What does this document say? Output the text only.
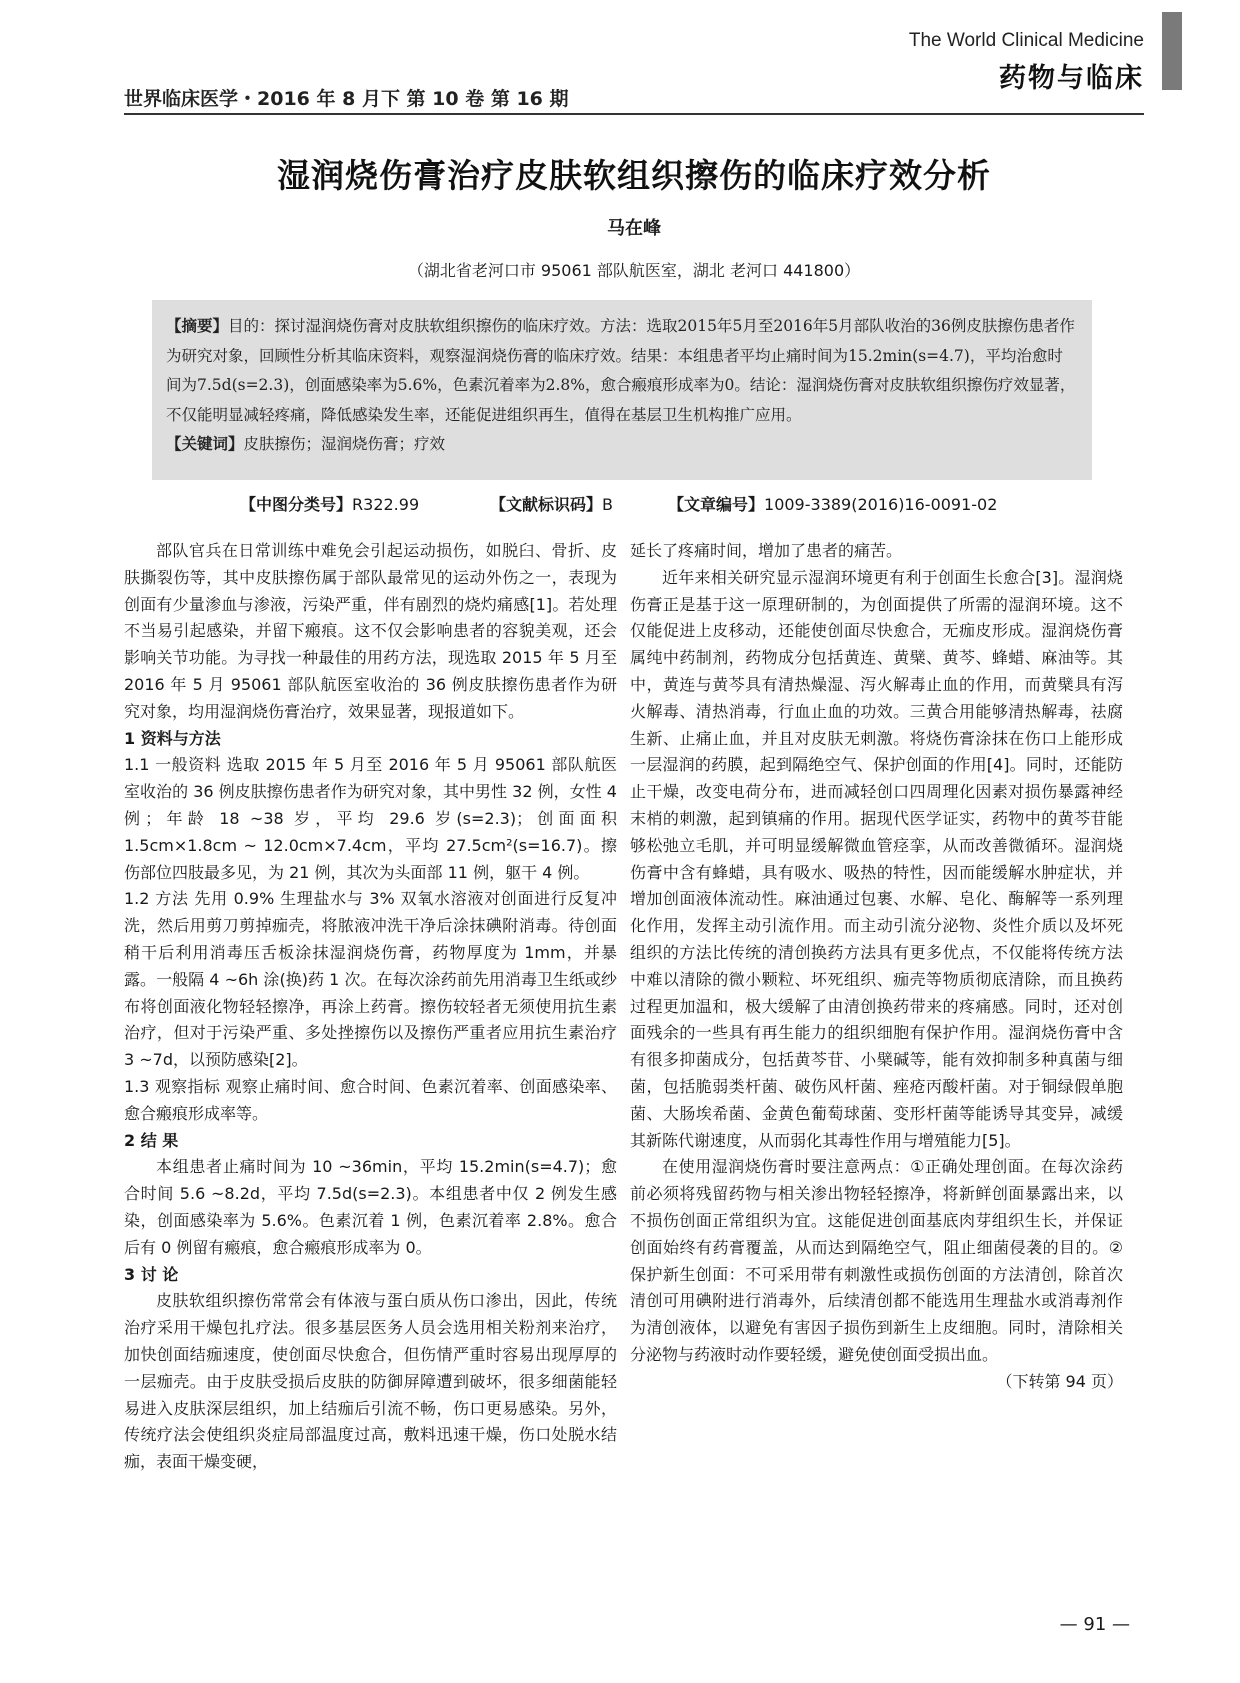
The World Clinical Medicine
药物与临床
世界临床医学・2016 年 8 月下 第 10 卷 第 16 期
湿润烧伤膏治疗皮肤软组织擦伤的临床疗效分析
马在峰
（湖北省老河口市 95061 部队航医室，湖北 老河口 441800）
【摘要】目的：探讨湿润烧伤膏对皮肤软组织擦伤的临床疗效。方法：选取2015年5月至2016年5月部队收治的36例皮肤擦伤患者作为研究对象，回顾性分析其临床资料，观察湿润烧伤膏的临床疗效。结果：本组患者平均止痛时间为15.2min(s=4.7)，平均治愈时间为7.5d(s=2.3)，创面感染率为5.6%，色素沉着率为2.8%，愈合瘢痕形成率为0。结论：湿润烧伤膏对皮肤软组织擦伤疗效显著，不仅能明显减轻疼痛，降低感染发生率，还能促进组织再生，值得在基层卫生机构推广应用。
【关键词】皮肤擦伤；湿润烧伤膏；疗效
【中图分类号】R322.99	【文献标识码】B	【文章编号】1009-3389(2016)16-0091-02

部队官兵在日常训练中难免会引起运动损伤，如脱臼、骨折、皮肤撕裂伤等，其中皮肤擦伤属于部队最常见的运动外伤之一，表现为创面有少量渗血与渗液，污染严重，伴有剧烈的烧灼痛感[1]。若处理不当易引起感染，并留下瘢痕。这不仅会影响患者的容貌美观，还会影响关节功能。为寻找一种最佳的用药方法，现选取 2015 年 5 月至 2016 年 5 月 95061 部队航医室收治的 36 例皮肤擦伤患者作为研究对象，均用湿润烧伤膏治疗，效果显著，现报道如下。

1 资料与方法

1.1 一般资料 选取 2015 年 5 月至 2016 年 5 月 95061 部队航医室收治的 36 例皮肤擦伤患者作为研究对象，其中男性 32 例，女性 4 例；年龄 18 ~38 岁，平均 29.6 岁(s=2.3)；创面面积 1.5cm×1.8cm ~ 12.0cm×7.4cm，平均 27.5cm²(s=16.7)。擦伤部位四肢最多见，为 21 例，其次为头面部 11 例，躯干 4 例。

1.2 方法 先用 0.9% 生理盐水与 3% 双氧水溶液对创面进行反复冲洗，然后用剪刀剪掉痂壳，将脓液冲洗干净后涂抹碘附消毒。待创面稍干后利用消毒压舌板涂抹湿润烧伤膏，药物厚度为 1mm，并暴露。一般隔 4 ~6h 涂(换)药 1 次。在每次涂药前先用消毒卫生纸或纱布将创面液化物轻轻擦净，再涂上药膏。擦伤较轻者无须使用抗生素治疗，但对于污染严重、多处挫擦伤以及擦伤严重者应用抗生素治疗 3 ~7d，以预防感染[2]。

1.3 观察指标 观察止痛时间、愈合时间、色素沉着率、创面感染率、愈合瘢痕形成率等。

2 结 果

本组患者止痛时间为 10 ~36min，平均 15.2min(s=4.7)；愈合时间 5.6 ~8.2d，平均 7.5d(s=2.3)。本组患者中仅 2 例发生感染，创面感染率为 5.6%。色素沉着 1 例，色素沉着率 2.8%。愈合后有 0 例留有瘢痕，愈合瘢痕形成率为 0。

3 讨 论

皮肤软组织擦伤常常会有体液与蛋白质从伤口渗出，因此，传统治疗采用干燥包扎疗法。很多基层医务人员会选用相关粉剂来治疗，加快创面结痂速度，使创面尽快愈合，但伤情严重时容易出现厚厚的一层痂壳。由于皮肤受损后皮肤的防御屏障遭到破坏，很多细菌能轻易进入皮肤深层组织，加上结痂后引流不畅，伤口更易感染。另外，传统疗法会使组织炎症局部温度过高，敷料迅速干燥，伤口处脱水结痂，表面干燥变硬，

延长了疼痛时间，增加了患者的痛苦。

近年来相关研究显示湿润环境更有利于创面生长愈合[3]。湿润烧伤膏正是基于这一原理研制的，为创面提供了所需的湿润环境。这不仅能促进上皮移动，还能使创面尽快愈合，无痂皮形成。湿润烧伤膏属纯中药制剂，药物成分包括黄连、黄檗、黄芩、蜂蜡、麻油等。其中，黄连与黄芩具有清热燥湿、泻火解毒止血的作用，而黄檗具有泻火解毒、清热消毒，行血止血的功效。三黄合用能够清热解毒，祛腐生新、止痛止血，并且对皮肤无刺激。将烧伤膏涂抹在伤口上能形成一层湿润的药膜，起到隔绝空气、保护创面的作用[4]。同时，还能防止干燥，改变电荷分布，进而减轻创口四周理化因素对损伤暴露神经末梢的刺激，起到镇痛的作用。据现代医学证实，药物中的黄芩苷能够松弛立毛肌，并可明显缓解微血管痉挛，从而改善微循环。湿润烧伤膏中含有蜂蜡，具有吸水、吸热的特性，因而能缓解水肿症状，并增加创面液体流动性。麻油通过包裹、水解、皂化、酶解等一系列理化作用，发挥主动引流作用。而主动引流分泌物、炎性介质以及坏死组织的方法比传统的清创换药方法具有更多优点，不仅能将传统方法中难以清除的微小颗粒、坏死组织、痂壳等物质彻底清除，而且换药过程更加温和，极大缓解了由清创换药带来的疼痛感。同时，还对创面残余的一些具有再生能力的组织细胞有保护作用。湿润烧伤膏中含有很多抑菌成分，包括黄芩苷、小檗碱等，能有效抑制多种真菌与细菌，包括脆弱类杆菌、破伤风杆菌、痤疮丙酸杆菌。对于铜绿假单胞菌、大肠埃希菌、金黄色葡萄球菌、变形杆菌等能诱导其变异，减缓其新陈代谢速度，从而弱化其毒性作用与增殖能力[5]。

在使用湿润烧伤膏时要注意两点：①正确处理创面。在每次涂药前必须将残留药物与相关渗出物轻轻擦净，将新鲜创面暴露出来，以不损伤创面正常组织为宜。这能促进创面基底肉芽组织生长，并保证创面始终有药膏覆盖，从而达到隔绝空气，阻止细菌侵袭的目的。②保护新生创面：不可采用带有刺激性或损伤创面的方法清创，除首次清创可用碘附进行消毒外，后续清创都不能选用生理盐水或消毒剂作为清创液体，以避免有害因子损伤到新生上皮细胞。同时，清除相关分泌物与药液时动作要轻缓，避免使创面受损出血。

（下转第 94 页）

— 91 —
